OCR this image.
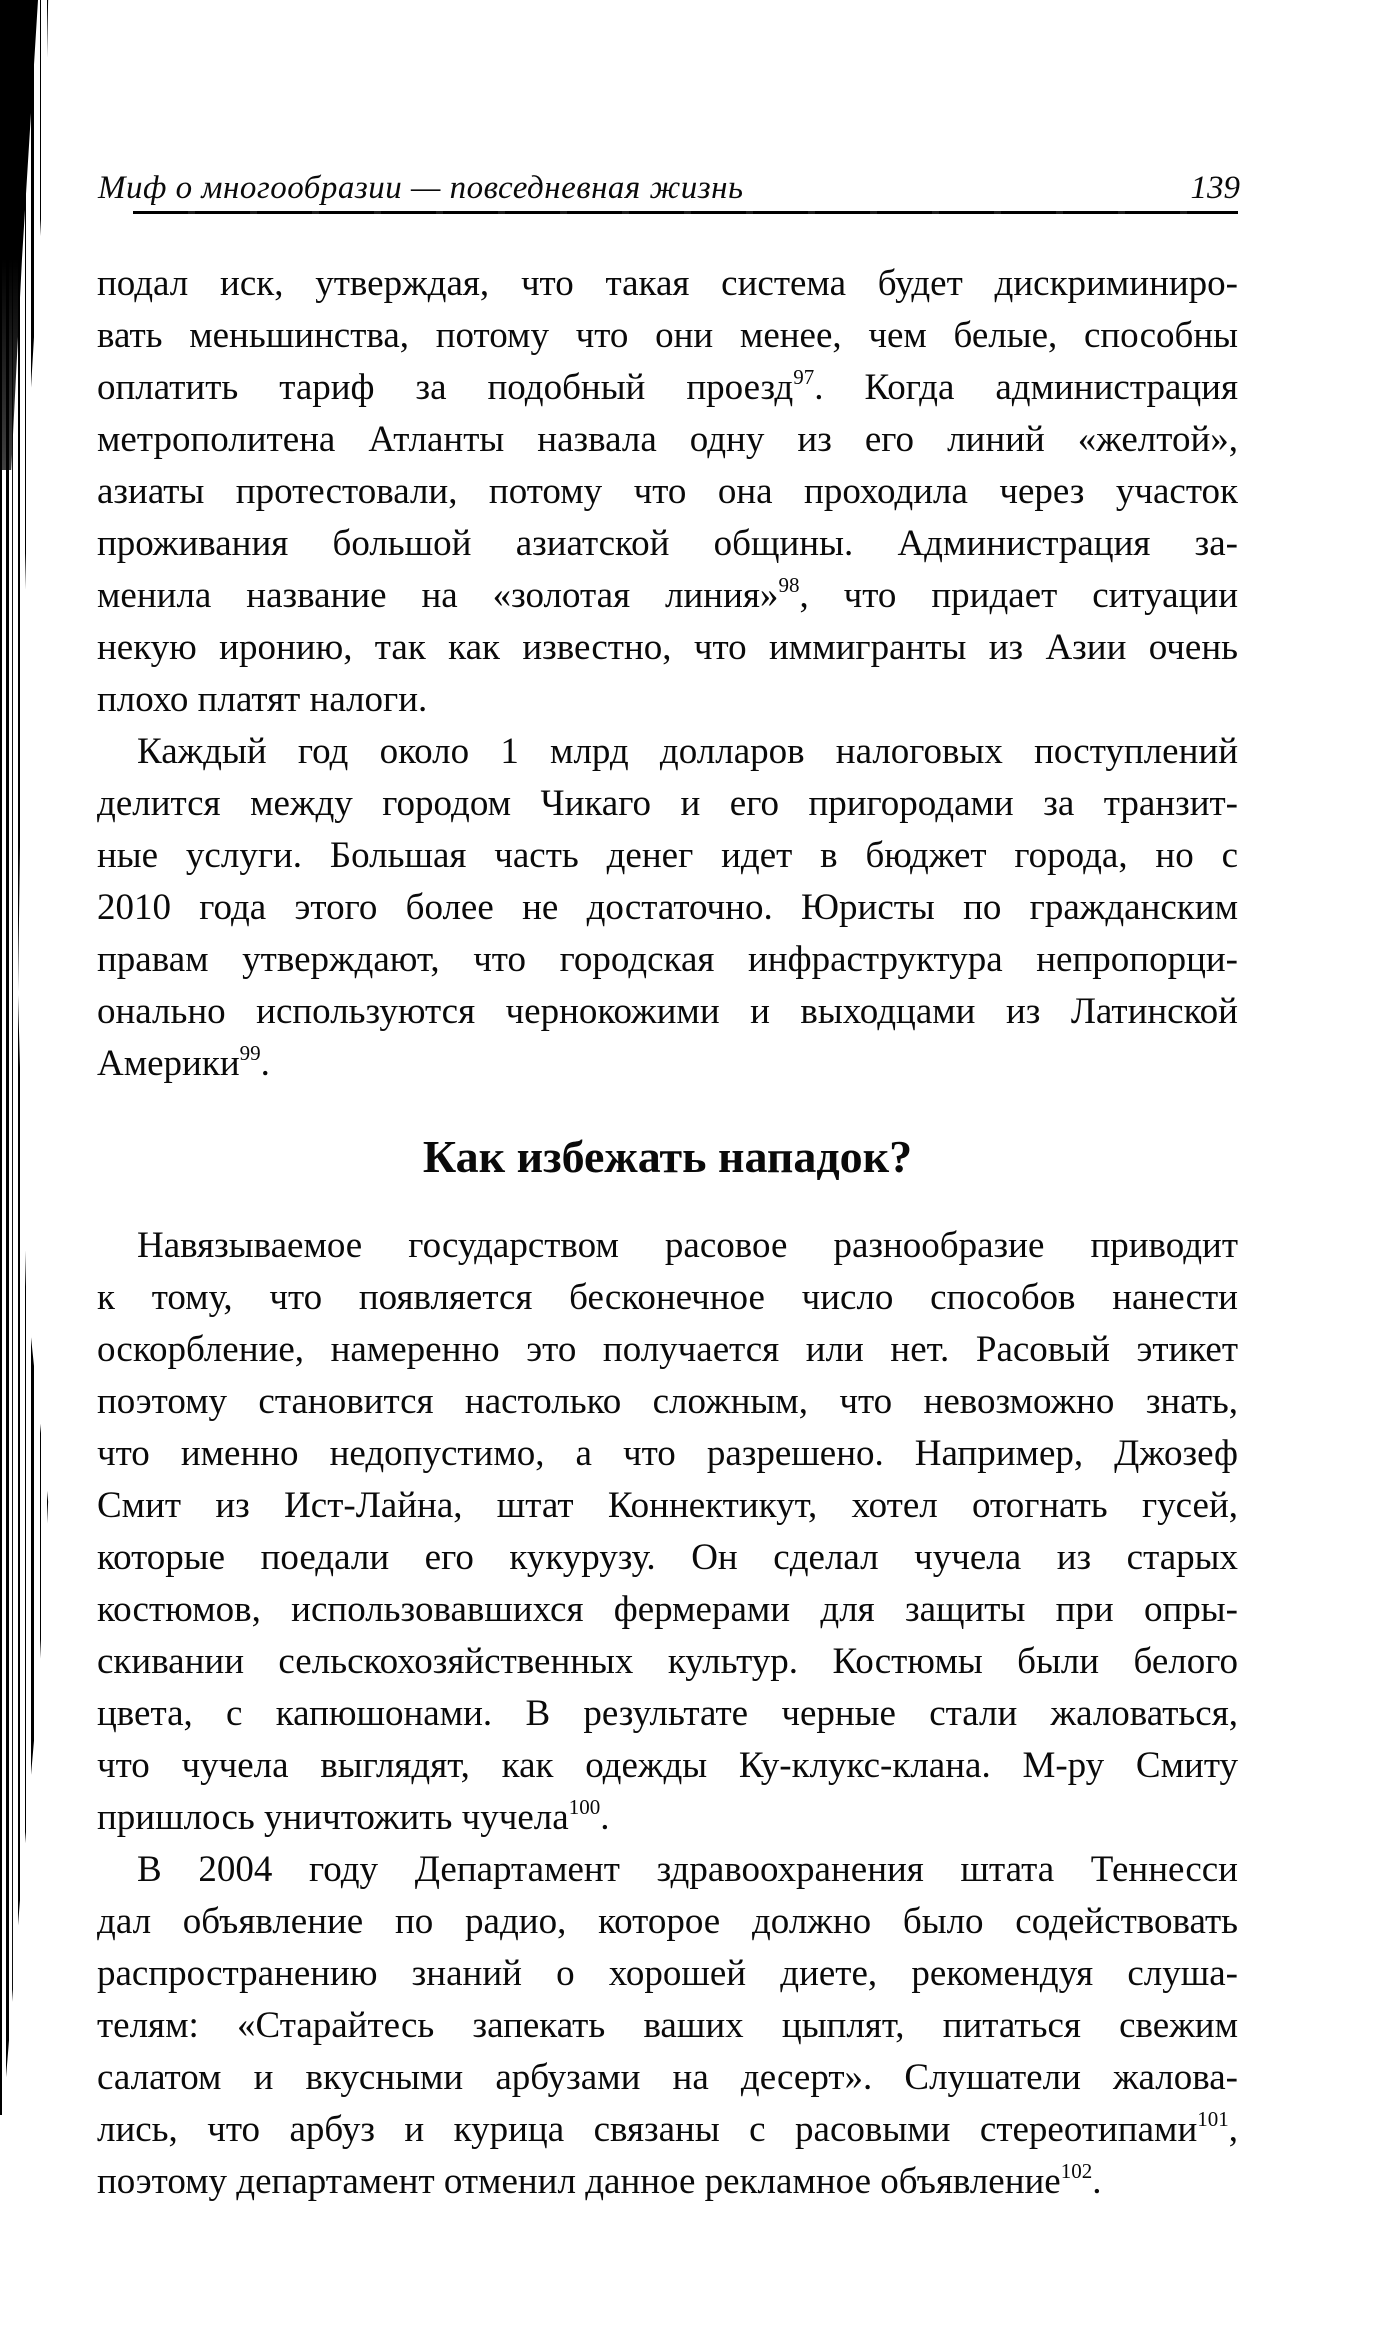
Миф о многообразии — повседневная жизнь	139
подал иск, утверждая, что такая система будет дискриминиро-
вать меньшинства, потому что они менее, чем белые, способны
оплатить тариф за подобный проезд$^{97}$. Когда администрация
метрополитена Атланты назвала одну из его линий «желтой»,
азиаты протестовали, потому что она проходила через участок
проживания большой азиатской общины. Администрация за-
менила название на «золотая линия»$^{98}$, что придает ситуации
некую иронию, так как известно, что иммигранты из Азии очень
плохо платят налоги.
Каждый год около 1 млрд долларов налоговых поступлений
делится между городом Чикаго и его пригородами за транзит-
ные услуги. Большая часть денег идет в бюджет города, но с
2010 года этого более не достаточно. Юристы по гражданским
правам утверждают, что городская инфраструктура непропорци-
онально используются чернокожими и выходцами из Латинской
Америки$^{99}$.
Как избежать нападок?
Навязываемое государством расовое разнообразие приводит
к тому, что появляется бесконечное число способов нанести
оскорбление, намеренно это получается или нет. Расовый этикет
поэтому становится настолько сложным, что невозможно знать,
что именно недопустимо, а что разрешено. Например, Джозеф
Смит из Ист-Лайна, штат Коннектикут, хотел отогнать гусей,
которые поедали его кукурузу. Он сделал чучела из старых
костюмов, использовавшихся фермерами для защиты при опры-
скивании сельскохозяйственных культур. Костюмы были белого
цвета, с капюшонами. В результате черные стали жаловаться,
что чучела выглядят, как одежды Ку-клукс-клана. М-ру Смиту
пришлось уничтожить чучела$^{100}$.
В 2004 году Департамент здравоохранения штата Теннесси
дал объявление по радио, которое должно было содействовать
распространению знаний о хорошей диете, рекомендуя слуша-
телям: «Старайтесь запекать ваших цыплят, питаться свежим
салатом и вкусными арбузами на десерт». Слушатели жалова-
лись, что арбуз и курица связаны с расовыми стереотипами$^{101}$,
поэтому департамент отменил данное рекламное объявление$^{102}$.
